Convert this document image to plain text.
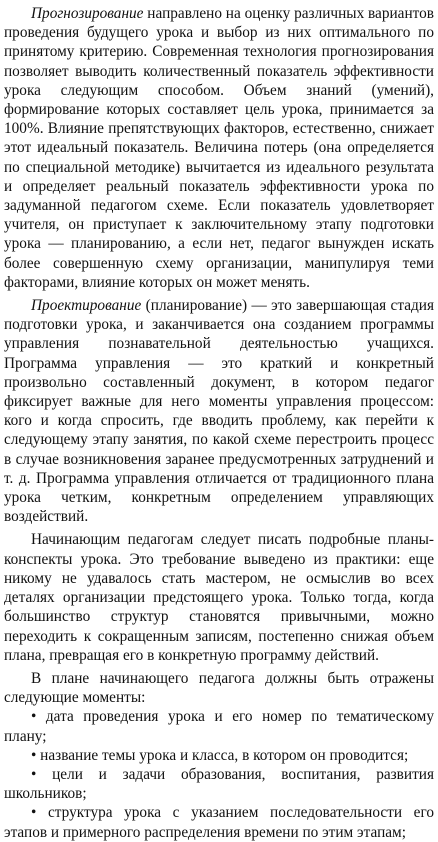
Прогнозирование направлено на оценку различных вариантов проведения будущего урока и выбор из них оптимального по принятому критерию. Современная технология прогнозирования позволяет выводить количественный показатель эффективности урока следующим способом. Объем знаний (умений), формирование которых составляет цель урока, принимается за 100%. Влияние препятствующих факторов, естественно, снижает этот идеальный показатель. Величина потерь (она определяется по специальной методике) вычитается из идеального результата и определяет реальный показатель эффективности урока по задуманной педагогом схеме. Если показатель удовлетворяет учителя, он приступает к заключительному этапу подготовки урока — планированию, а если нет, педагог вынужден искать более совершенную схему организации, манипулируя теми факторами, влияние которых он может менять.

Проектирование (планирование) — это завершающая стадия подготовки урока, и заканчивается она созданием программы управления познавательной деятельностью учащихся. Программа управления — это краткий и конкретный произвольно составленный документ, в котором педагог фиксирует важные для него моменты управления процессом: кого и когда спросить, где вводить проблему, как перейти к следующему этапу занятия, по какой схеме перестроить процесс в случае возникновения заранее предусмотренных затруднений и т. д. Программа управления отличается от традиционного плана урока четким, конкретным определением управляющих воздействий.

Начинающим педагогам следует писать подробные планы-конспекты урока. Это требование выведено из практики: еще никому не удавалось стать мастером, не осмыслив во всех деталях организации предстоящего урока. Только тогда, когда большинство структур становятся привычными, можно переходить к сокращенным записям, постепенно снижая объем плана, превращая его в конкретную программу действий.

В плане начинающего педагога должны быть отражены следующие моменты:

• дата проведения урока и его номер по тематическому плану;
• название темы урока и класса, в котором он проводится;
• цели и задачи образования, воспитания, развития школьников;
• структура урока с указанием последовательности его этапов и примерного распределения времени по этим этапам;
